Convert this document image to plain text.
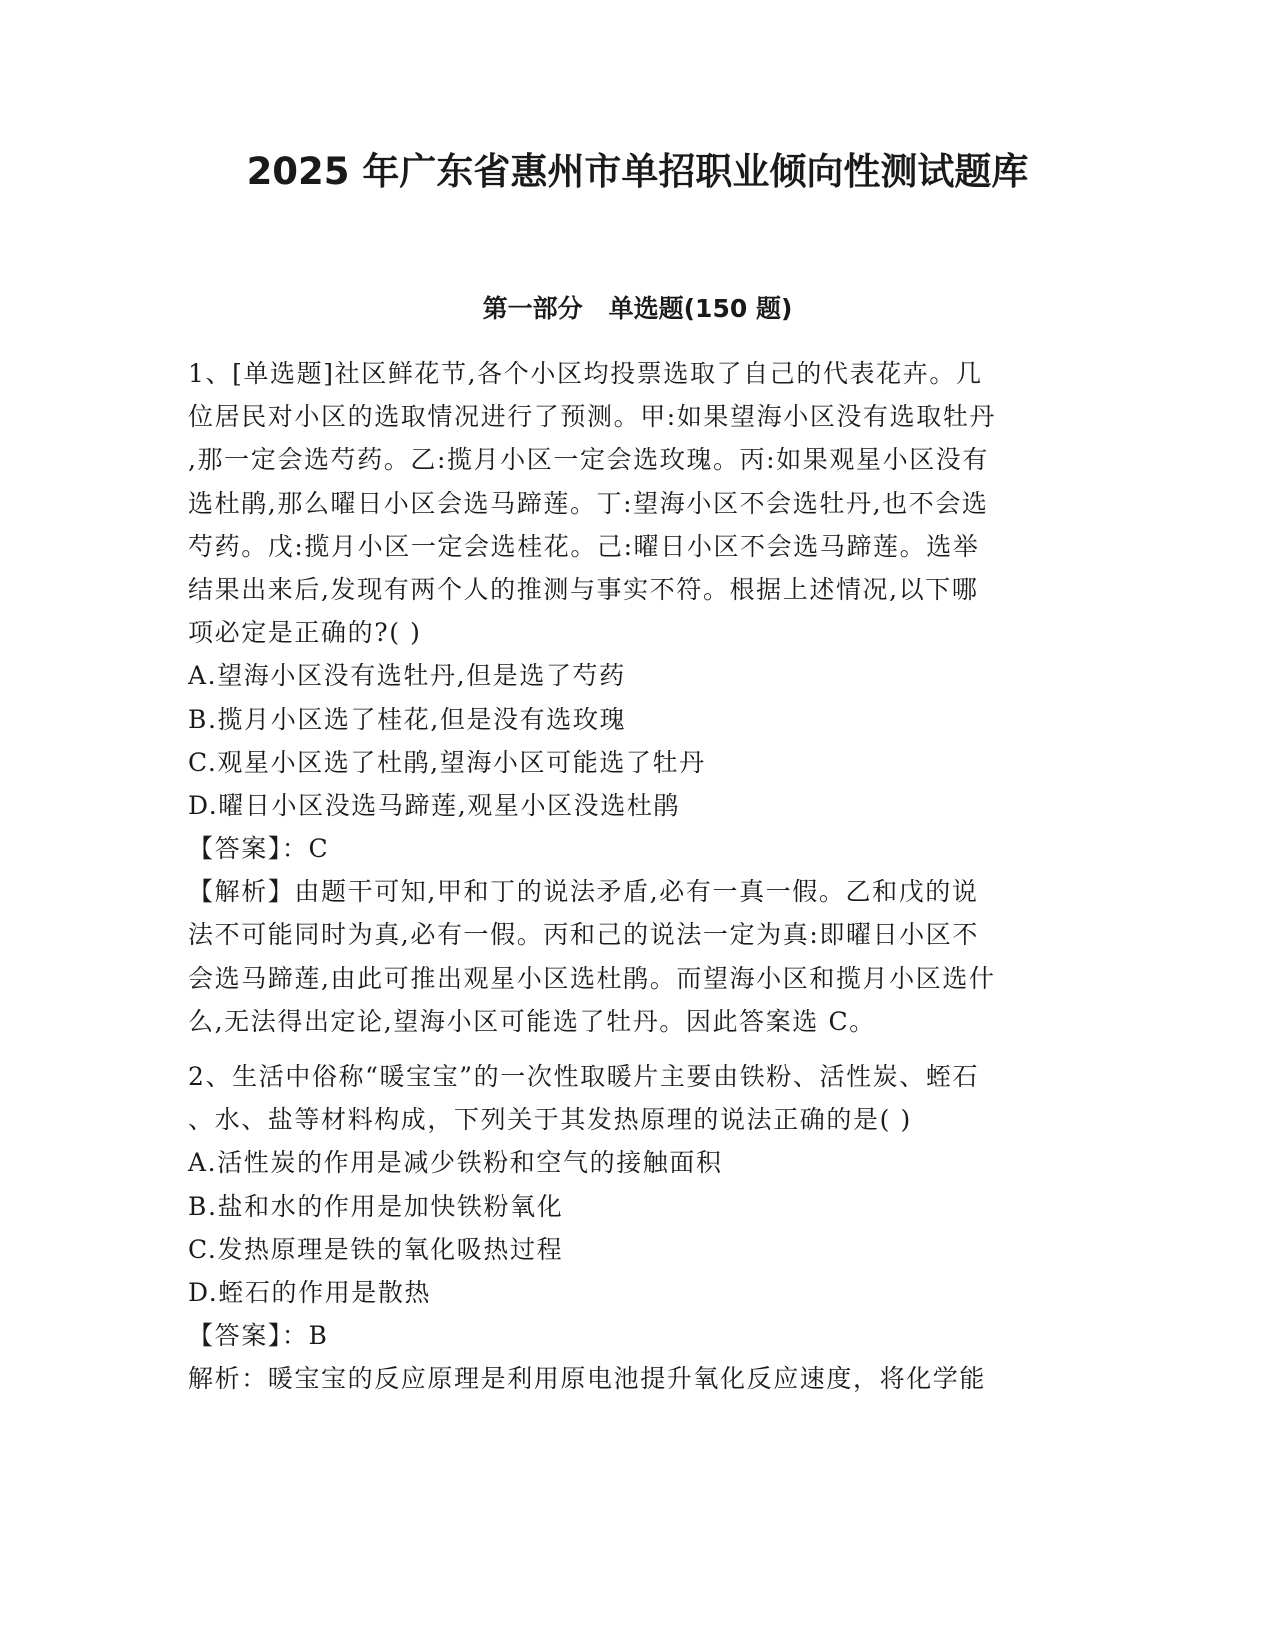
2025 年广东省惠州市单招职业倾向性测试题库
第一部分 单选题(150 题)
1、[单选题]社区鲜花节,各个小区均投票选取了自己的代表花卉。几
位居民对小区的选取情况进行了预测。甲:如果望海小区没有选取牡丹
,那一定会选芍药。乙:揽月小区一定会选玫瑰。丙:如果观星小区没有
选杜鹃,那么曜日小区会选马蹄莲。丁:望海小区不会选牡丹,也不会选
芍药。戊:揽月小区一定会选桂花。己:曜日小区不会选马蹄莲。选举
结果出来后,发现有两个人的推测与事实不符。根据上述情况,以下哪
项必定是正确的?( )
A.望海小区没有选牡丹,但是选了芍药
B.揽月小区选了桂花,但是没有选玫瑰
C.观星小区选了杜鹃,望海小区可能选了牡丹
D.曜日小区没选马蹄莲,观星小区没选杜鹃
【答案】：C
【解析】由题干可知,甲和丁的说法矛盾,必有一真一假。乙和戊的说
法不可能同时为真,必有一假。丙和己的说法一定为真:即曜日小区不
会选马蹄莲,由此可推出观星小区选杜鹃。而望海小区和揽月小区选什
么,无法得出定论,望海小区可能选了牡丹。因此答案选 C。
2、生活中俗称“暖宝宝”的一次性取暖片主要由铁粉、活性炭、蛭石
、水、盐等材料构成，下列关于其发热原理的说法正确的是( )
A.活性炭的作用是减少铁粉和空气的接触面积
B.盐和水的作用是加快铁粉氧化
C.发热原理是铁的氧化吸热过程
D.蛭石的作用是散热
【答案】：B
解析：暖宝宝的反应原理是利用原电池提升氧化反应速度，将化学能
